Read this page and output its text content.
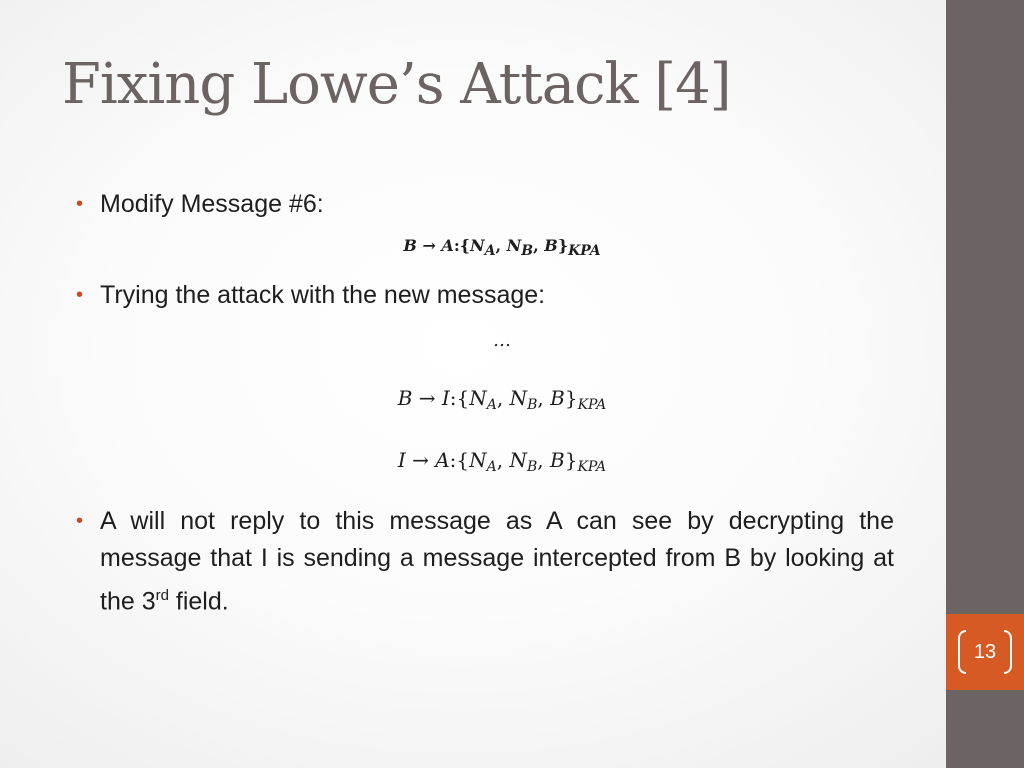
Fixing Lowe’s Attack [4]
• Modify Message #6:
$B \to A:\{N_A$, $N_B$, $B\}_{KPA}$
• Trying the attack with the new message:
…
$B \to I:\{N_A$, $N_B$, $B\}_{KPA}$
$I \to A:\{N_A$, $N_B$, $B\}_{KPA}$
• A will not reply to this message as A can see by decrypting the message that I is sending a message intercepted from B by looking at the 3rd field.
13
